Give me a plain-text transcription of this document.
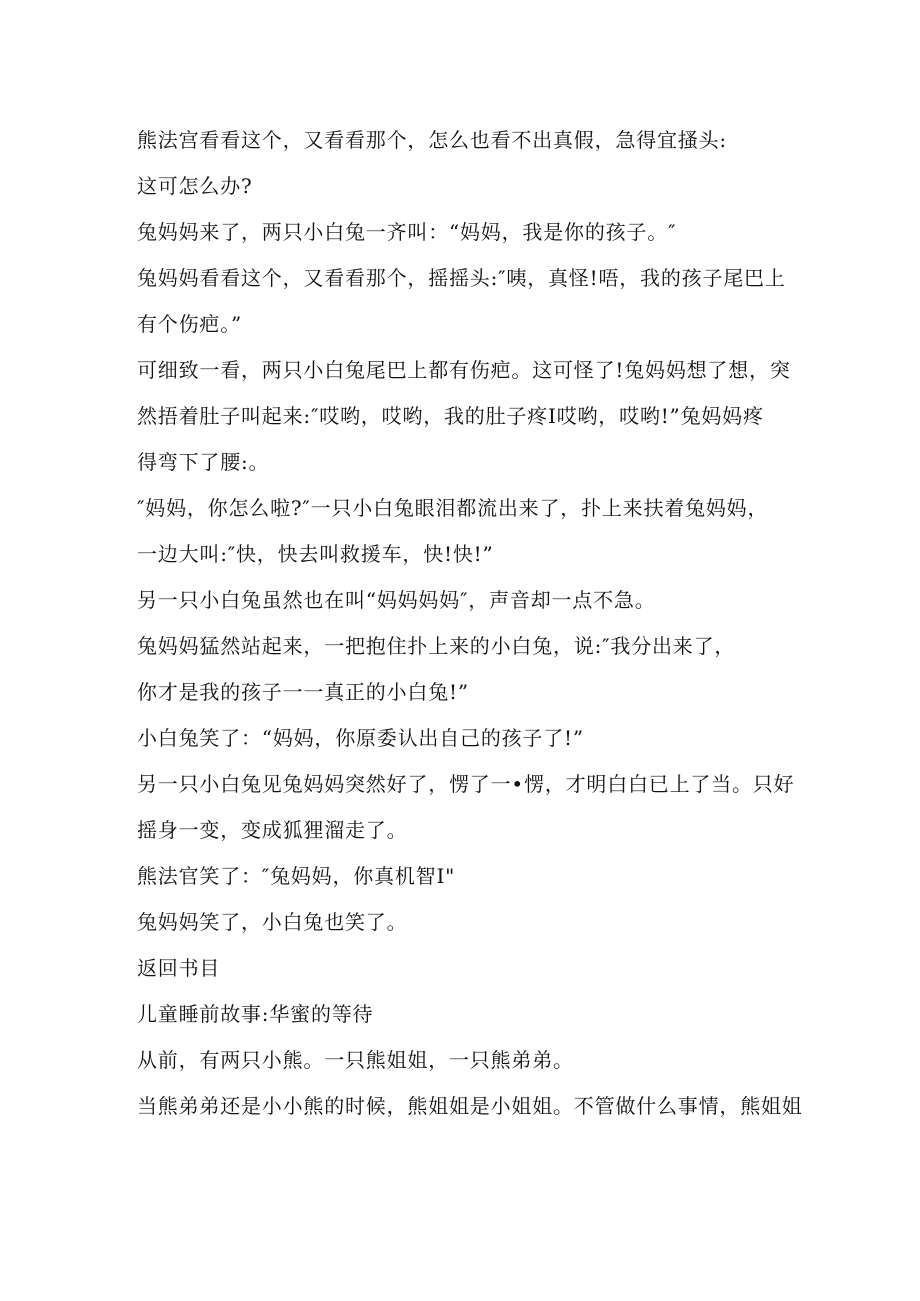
熊法宫看看这个，又看看那个，怎么也看不出真假，急得宜搔头:
这可怎么办?
兔妈妈来了，两只小白兔一齐叫：“妈妈，我是你的孩子。″
兔妈妈看看这个，又看看那个，摇摇头:″咦，真怪!唔，我的孩子尾巴上
有个伤疤。”
可细致一看，两只小白兔尾巴上都有伤疤。这可怪了!兔妈妈想了想，突
然捂着肚子叫起来:″哎哟，哎哟，我的肚子疼I哎哟，哎哟!”兔妈妈疼
得弯下了腰:。
″妈妈，你怎么啦?″一只小白兔眼泪都流出来了，扑上来扶着兔妈妈，
一边大叫:″快，快去叫救援车，快!快!”
另一只小白兔虽然也在叫“妈妈妈妈″，声音却一点不急。
兔妈妈猛然站起来，一把抱住扑上来的小白兔，说:″我分出来了，
你才是我的孩子一一真正的小白兔!”
小白兔笑了：“妈妈，你原委认出自己的孩子了!”
另一只小白兔见兔妈妈突然好了，愣了一•愣，才明白白已上了当。只好
摇身一变，变成狐狸溜走了。
熊法官笑了：″兔妈妈，你真机智I"
兔妈妈笑了，小白兔也笑了。
返回书目
儿童睡前故事:华蜜的等待
从前，有两只小熊。一只熊姐姐，一只熊弟弟。
当熊弟弟还是小小熊的时候，熊姐姐是小姐姐。不管做什么事情，熊姐姐
